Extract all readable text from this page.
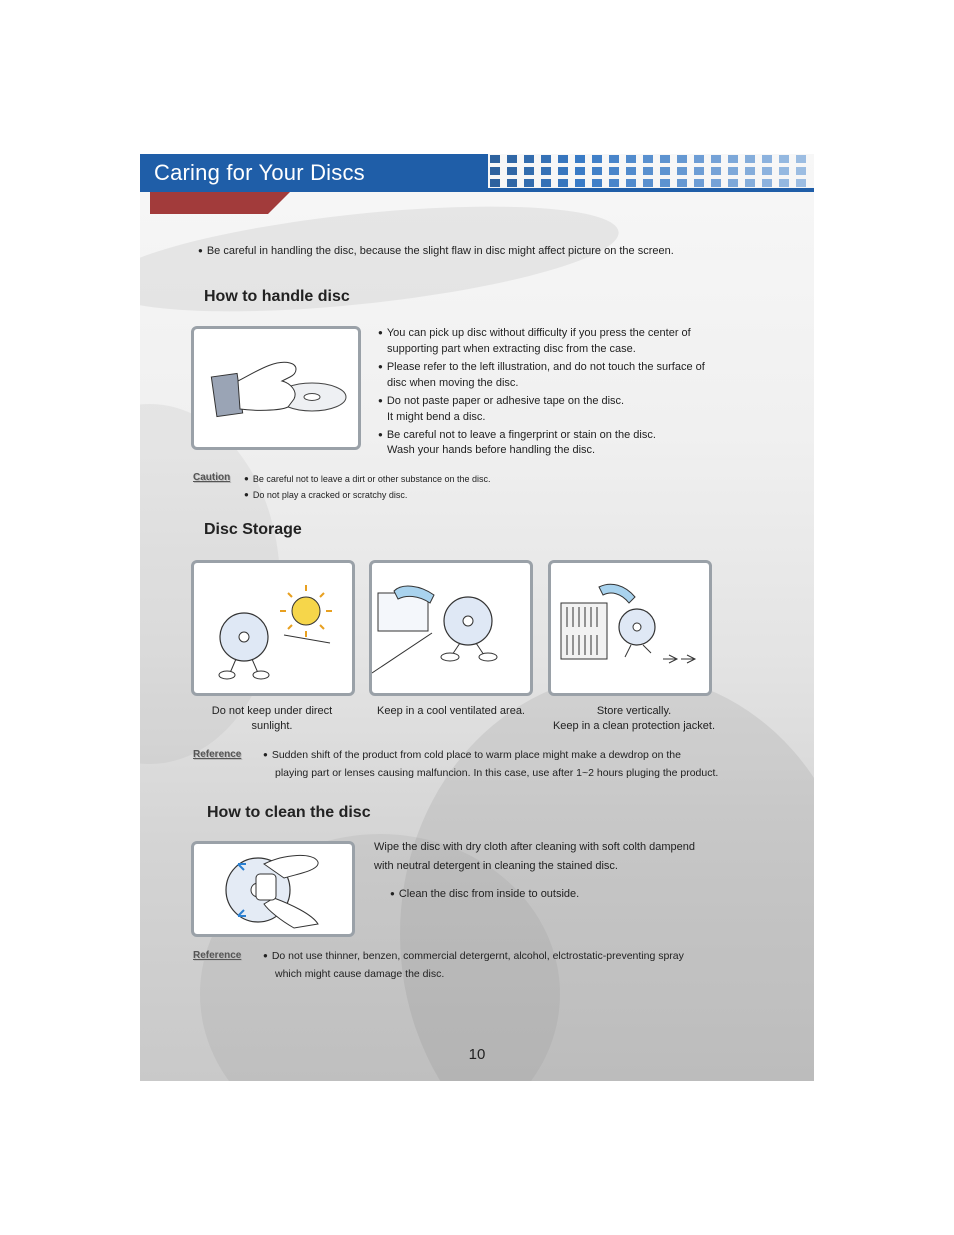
Caring for Your Discs
● Be careful in handling the disc, because the slight flaw in disc might affect picture on the screen.
How to handle disc
● You can pick up disc without difficulty if you press the center of
supporting part when extracting disc from the case.
● Please refer to the left illustration, and do not touch the surface of
disc when moving the disc.
● Do not paste paper or adhesive tape on the disc.
It might bend a disc.
● Be careful not to leave a fingerprint or stain on the disc.
Wash your hands before handling the disc.
Caution	● Be careful not to leave a dirt or other substance on the disc.
● Do not play a cracked or scratchy disc.
Disc Storage
Do not keep under direct
sunlight.
Keep in a cool ventilated area.	Store vertically.
Keep in a clean protection jacket.
Reference	● Sudden shift of the product from cold place to warm place might make a dewdrop on the
playing part or lenses causing malfuncion. In this case, use after 1~2 hours pluging the product.
How to clean the disc
Wipe the disc with dry cloth after cleaning with soft colth dampend
with neutral detergent in cleaning the stained disc.
● Clean the disc from inside to outside.
Reference	● Do not use thinner, benzen, commercial detergernt, alcohol, elctrostatic-preventing spray
which might cause damage the disc.
10
